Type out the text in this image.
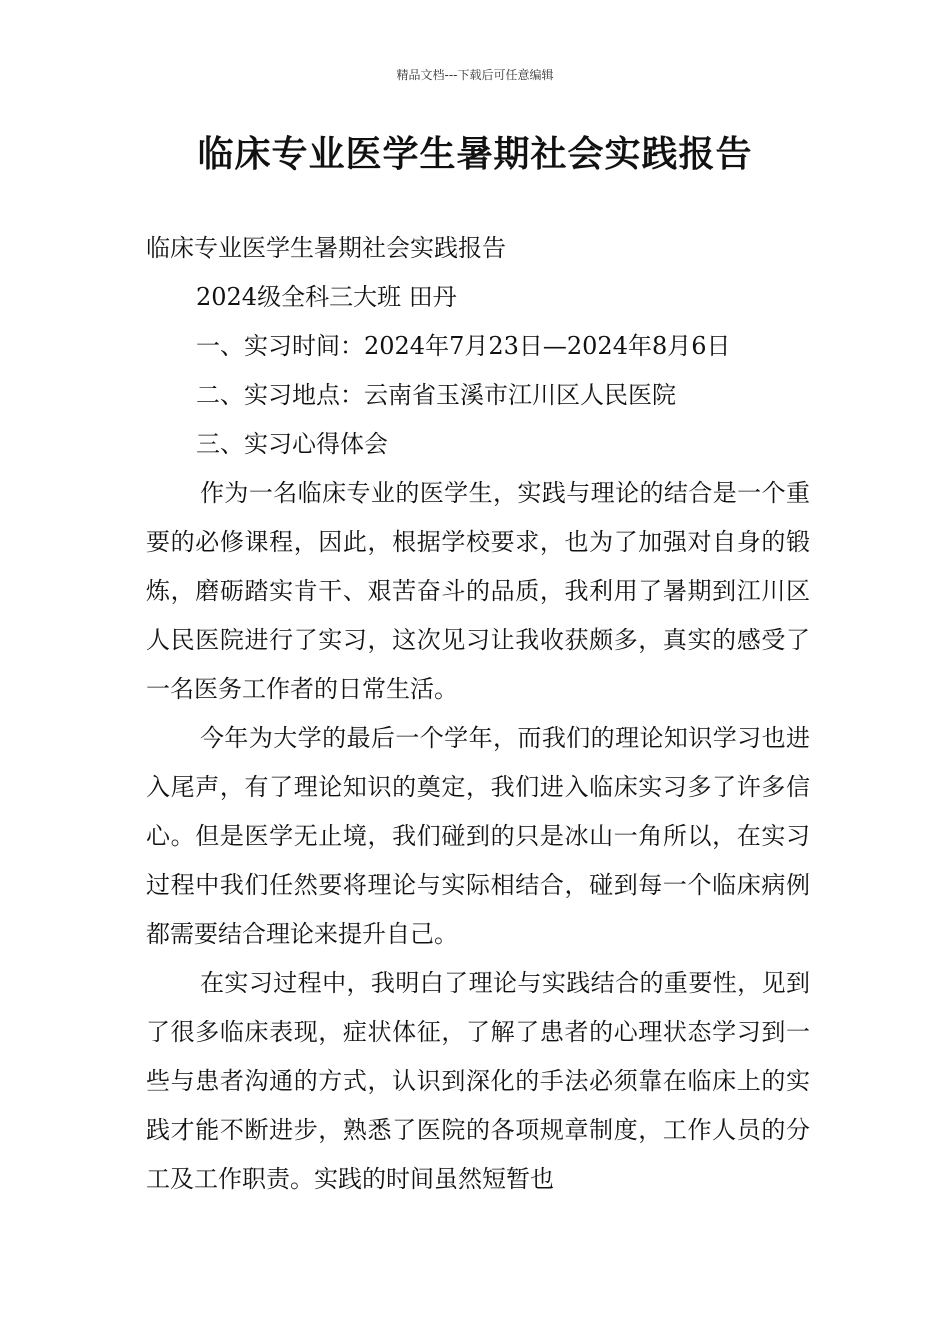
精品文档---下载后可任意编辑
临床专业医学生暑期社会实践报告

临床专业医学生暑期社会实践报告

2024级全科三大班 田丹

一、实习时间：2024年7月23日—2024年8月6日

二、实习地点：云南省玉溪市江川区人民医院

三、实习心得体会

作为一名临床专业的医学生，实践与理论的结合是一个重要的必修课程，因此，根据学校要求，也为了加强对自身的锻炼，磨砺踏实肯干、艰苦奋斗的品质，我利用了暑期到江川区人民医院进行了实习，这次见习让我收获颇多，真实的感受了一名医务工作者的日常生活。

今年为大学的最后一个学年，而我们的理论知识学习也进入尾声，有了理论知识的奠定，我们进入临床实习多了许多信心。但是医学无止境，我们碰到的只是冰山一角所以，在实习过程中我们任然要将理论与实际相结合，碰到每一个临床病例都需要结合理论来提升自己。

在实习过程中，我明白了理论与实践结合的重要性，见到了很多临床表现，症状体征，了解了患者的心理状态学习到一些与患者沟通的方式，认识到深化的手法必须靠在临床上的实践才能不断进步，熟悉了医院的各项规章制度，工作人员的分工及工作职责。实践的时间虽然短暂也
